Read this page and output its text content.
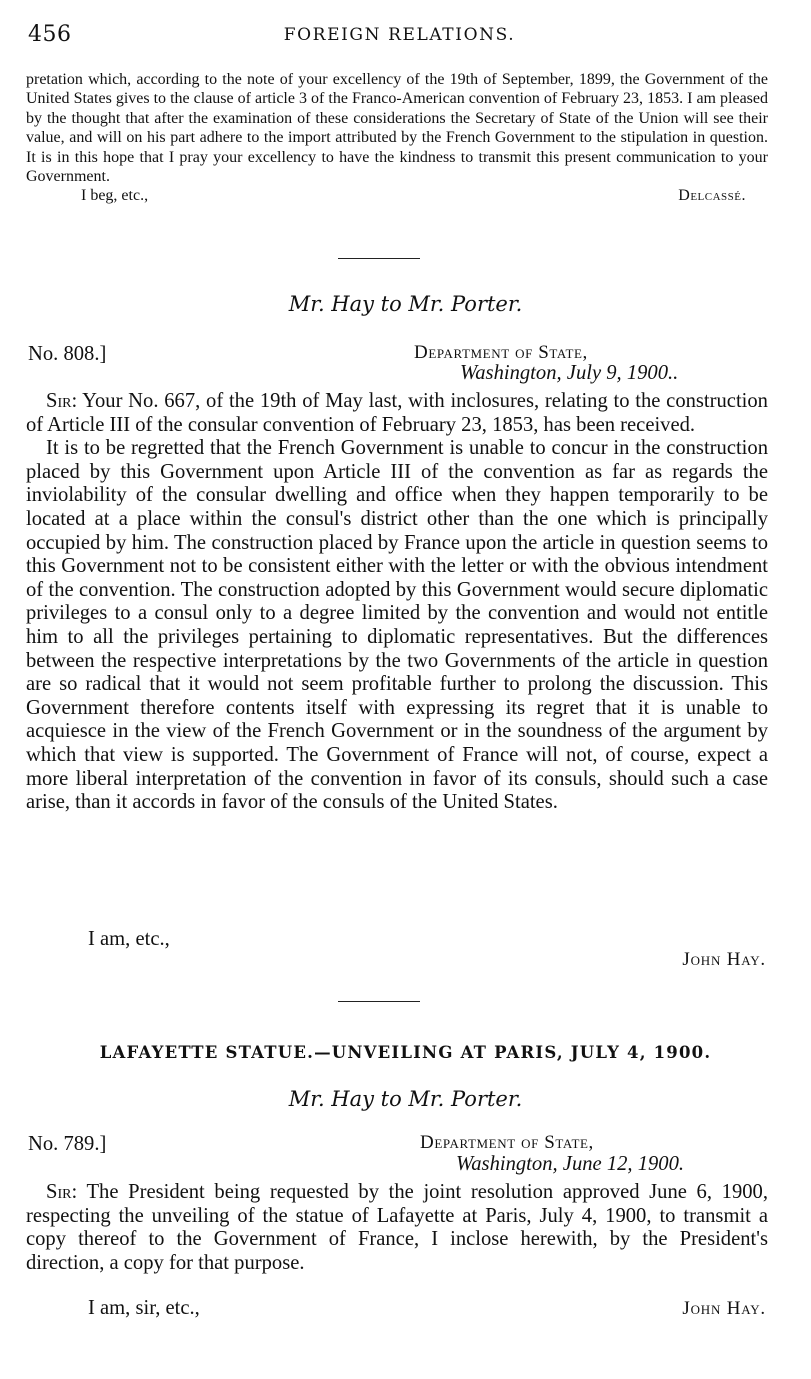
456	FOREIGN RELATIONS.

pretation which, according to the note of your excellency of the 19th of September, 1899, the Government of the United States gives to the clause of article 3 of the Franco-American convention of February 23, 1853. I am pleased by the thought that after the examination of these considerations the Secretary of State of the Union will see their value, and will on his part adhere to the import attributed by the French Government to the stipulation in question. It is in this hope that I pray your excellency to have the kindness to transmit this present communication to your Government.

I beg, etc.,	Delcassé.
Mr. Hay to Mr. Porter.
No. 808.]	Department of State,
Washington, July 9, 1900..

Sir: Your No. 667, of the 19th of May last, with inclosures, relating to the construction of Article III of the consular convention of February 23, 1853, has been received.

It is to be regretted that the French Government is unable to concur in the construction placed by this Government upon Article III of the convention as far as regards the inviolability of the consular dwelling and office when they happen temporarily to be located at a place within the consul's district other than the one which is principally occupied by him. The construction placed by France upon the article in question seems to this Government not to be consistent either with the letter or with the obvious intendment of the convention. The construction adopted by this Government would secure diplomatic privileges to a consul only to a degree limited by the convention and would not entitle him to all the privileges pertaining to diplomatic representatives. But the differences between the respective interpretations by the two Governments of the article in question are so radical that it would not seem profitable further to prolong the discussion. This Government therefore contents itself with expressing its regret that it is unable to acquiesce in the view of the French Government or in the soundness of the argument by which that view is supported. The Government of France will not, of course, expect a more liberal interpretation of the convention in favor of its consuls, should such a case arise, than it accords in favor of the consuls of the United States.

I am, etc.,
John Hay.
LAFAYETTE STATUE.—UNVEILING AT PARIS, JULY 4, 1900.
Mr. Hay to Mr. Porter.
No. 789.]	Department of State,
Washington, June 12, 1900.

Sir: The President being requested by the joint resolution approved June 6, 1900, respecting the unveiling of the statue of Lafayette at Paris, July 4, 1900, to transmit a copy thereof to the Government of France, I inclose herewith, by the President's direction, a copy for that purpose.

I am, sir, etc.,	John Hay.
